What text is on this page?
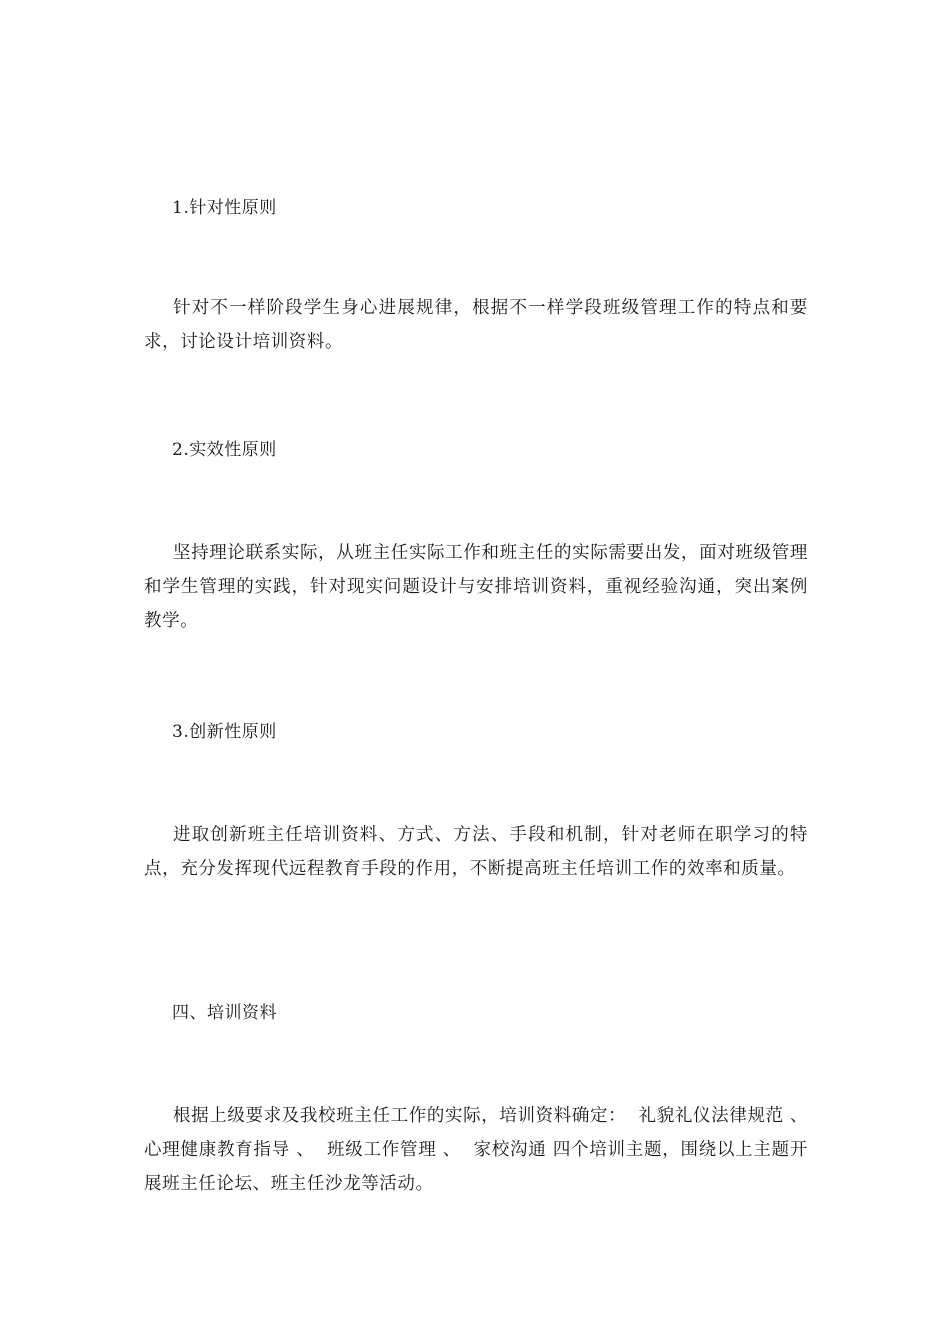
1.针对性原则
针对不一样阶段学生身心进展规律，根据不一样学段班级管理工作的特点和要求，讨论设计培训资料。
2.实效性原则
坚持理论联系实际，从班主任实际工作和班主任的实际需要出发，面对班级管理和学生管理的实践，针对现实问题设计与安排培训资料，重视经验沟通，突出案例教学。
3.创新性原则
进取创新班主任培训资料、方式、方法、手段和机制，针对老师在职学习的特点，充分发挥现代远程教育手段的作用，不断提高班主任培训工作的效率和质量。
四、培训资料
根据上级要求及我校班主任工作的实际，培训资料确定：  礼貌礼仪法律规范 、  心理健康教育指导 、  班级工作管理 、  家校沟通 四个培训主题，围绕以上主题开展班主任论坛、班主任沙龙等活动。
